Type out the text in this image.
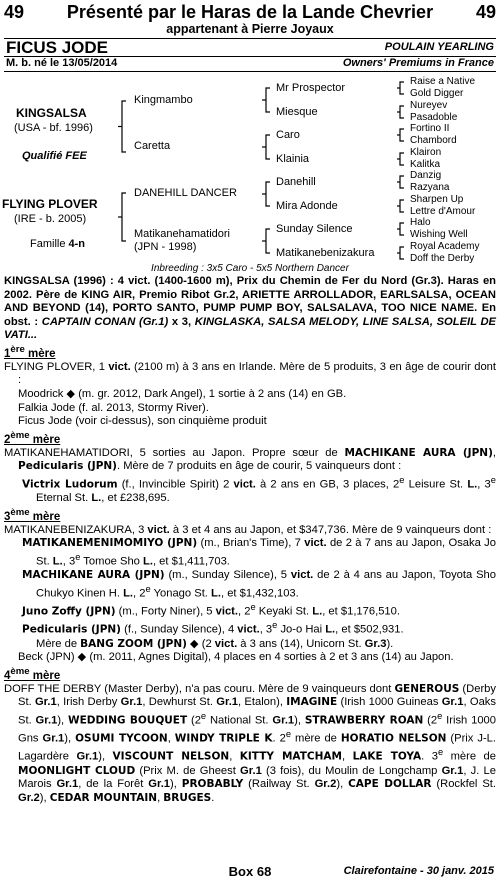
49	Présenté par le Haras de la Lande Chevrier	49
appartenant à Pierre Joyaux
FICUS JODE	POULAIN YEARLING
M. b. né le 13/05/2014	Owners' Premiums in France
KINGSALSA
(USA - bf. 1996)
Qualifié FEE
FLYING PLOVER
(IRE - b. 2005)
Famille 4-n
Kingmambo
Caretta
DANEHILL DANCER
Matikanehamatidori
(JPN - 1998)
Mr Prospector
Miesque
Caro
Klainia
Danehill
Mira Adonde
Sunday Silence
Matikanebenizakura
Raise a Native
Gold Digger
Nureyev
Pasadoble
Fortino II
Chambord
Klairon
Kalitka
Danzig
Razyana
Sharpen Up
Lettre d'Amour
Halo
Wishing Well
Royal Academy
Doff the Derby
Inbreeding : 3x5 Caro - 5x5 Northern Dancer

KINGSALSA (1996) : 4 vict. (1400-1600 m), Prix du Chemin de Fer du Nord (Gr.3). Haras en 2002. Père de KING AIR, Premio Ribot Gr.2, ARIETTE ARROLLADOR, EARLSALSA, OCEAN AND BEYOND (14), PORTO SANTO, PUMP PUMP BOY, SALSALAVA, TOO NICE NAME. En obst. : CAPTAIN CONAN (Gr.1) x 3, KINGLASKA, SALSA MELODY, LINE SALSA, SOLEIL DE VATI...

1ère mère

FLYING PLOVER, 1 vict. (2100 m) à 3 ans en Irlande. Mère de 5 produits, 3 en âge de courir dont :

Moodrick ◆ (m. gr. 2012, Dark Angel), 1 sortie à 2 ans (14) en GB.

Falkia Jode (f. al. 2013, Stormy River).

Ficus Jode (voir ci-dessus), son cinquième produit

2ème mère

MATIKANEHAMATIDORI, 5 sorties au Japon. Propre sœur de MACHIKANE AURA (JPN), Pedicularis (JPN). Mère de 7 produits en âge de courir, 5 vainqueurs dont :

Victrix Ludorum (f., Invincible Spirit) 2 vict. à 2 ans en GB, 3 places, 2e Leisure St. L., 3e Eternal St. L., et £238,695.

3ème mère

MATIKANEBENIZAKURA, 3 vict. à 3 et 4 ans au Japon, et $347,736. Mère de 9 vainqueurs dont :

MATIKANEMENIMOMIYO (JPN) (m., Brian's Time), 7 vict. de 2 à 7 ans au Japon, Osaka Jo St. L., 3e Tomoe Sho L., et $1,411,703.

MACHIKANE AURA (JPN) (m., Sunday Silence), 5 vict. de 2 à 4 ans au Japon, Toyota Sho Chukyo Kinen H. L., 2e Yonago St. L., et $1,432,103.

Juno Zoffy (JPN) (m., Forty Niner), 5 vict., 2e Keyaki St. L., et $1,176,510.

Pedicularis (JPN) (f., Sunday Silence), 4 vict., 3e Jo-o Hai L., et $502,931.
Mère de BANG ZOOM (JPN) ◆ (2 vict. à 3 ans (14), Unicorn St. Gr.3).

Beck (JPN) ◆ (m. 2011, Agnes Digital), 4 places en 4 sorties à 2 et 3 ans (14) au Japon.

4ème mère

DOFF THE DERBY (Master Derby), n'a pas couru. Mère de 9 vainqueurs dont GENEROUS (Derby St. Gr.1, Irish Derby Gr.1, Dewhurst St. Gr.1, Etalon), IMAGINE (Irish 1000 Guineas Gr.1, Oaks St. Gr.1), WEDDING BOUQUET (2e National St. Gr.1), STRAWBERRY ROAN (2e Irish 1000 Gns Gr.1), OSUMI TYCOON, WINDY TRIPLE K. 2e mère de HORATIO NELSON (Prix J-L. Lagardère Gr.1), VISCOUNT NELSON, KITTY MATCHAM, LAKE TOYA. 3e mère de MOONLIGHT CLOUD (Prix M. de Gheest Gr.1 (3 fois), du Moulin de Longchamp Gr.1, J. Le Marois Gr.1, de la Forêt Gr.1), PROBABLY (Railway St. Gr.2), CAPE DOLLAR (Rockfel St. Gr.2), CEDAR MOUNTAIN, BRUGES.

Box 68	Clairefontaine - 30 janv. 2015
